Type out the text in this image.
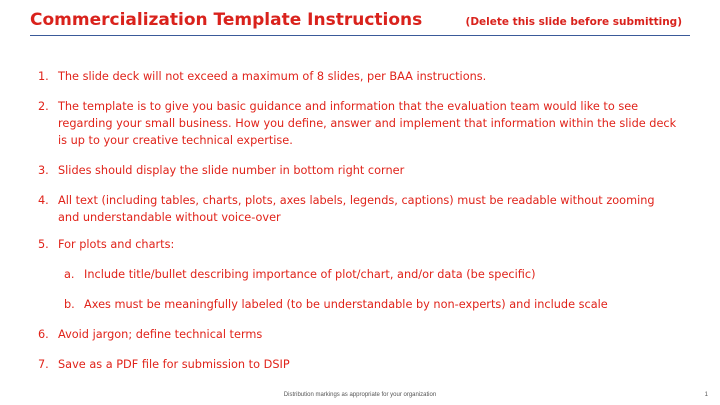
Commercialization Template Instructions	(Delete this slide before submitting)
1. The slide deck will not exceed a maximum of 8 slides, per BAA instructions.
2. The template is to give you basic guidance and information that the evaluation team would like to see regarding your small business. How you define, answer and implement that information within the slide deck is up to your creative technical expertise.
3. Slides should display the slide number in bottom right corner
4. All text (including tables, charts, plots, axes labels, legends, captions) must be readable without zooming and understandable without voice-over
5. For plots and charts:
a. Include title/bullet describing importance of plot/chart, and/or data (be specific)
b. Axes must be meaningfully labeled (to be understandable by non-experts) and include scale
6. Avoid jargon; define technical terms
7. Save as a PDF file for submission to DSIP
Distribution markings as appropriate for your organization	1
